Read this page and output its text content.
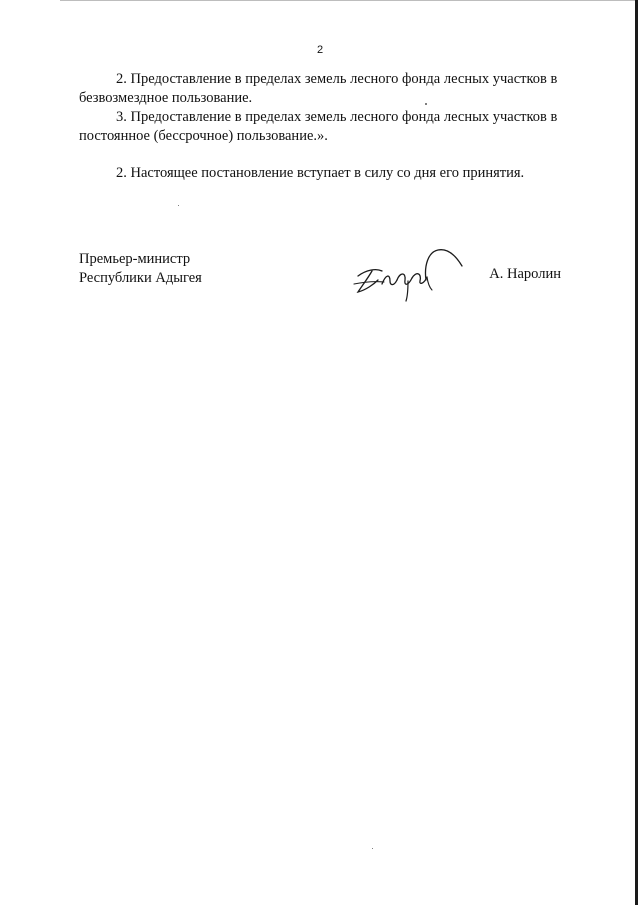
2

2. Предоставление в пределах земель лесного фонда лесных участков в безвозмездное пользование.

3. Предоставление в пределах земель лесного фонда лесных участков в постоянное (бессрочное) пользование.».

2. Настоящее постановление вступает в силу со дня его принятия.

Премьер-министр
Республики Адыгея	А. Наролин
